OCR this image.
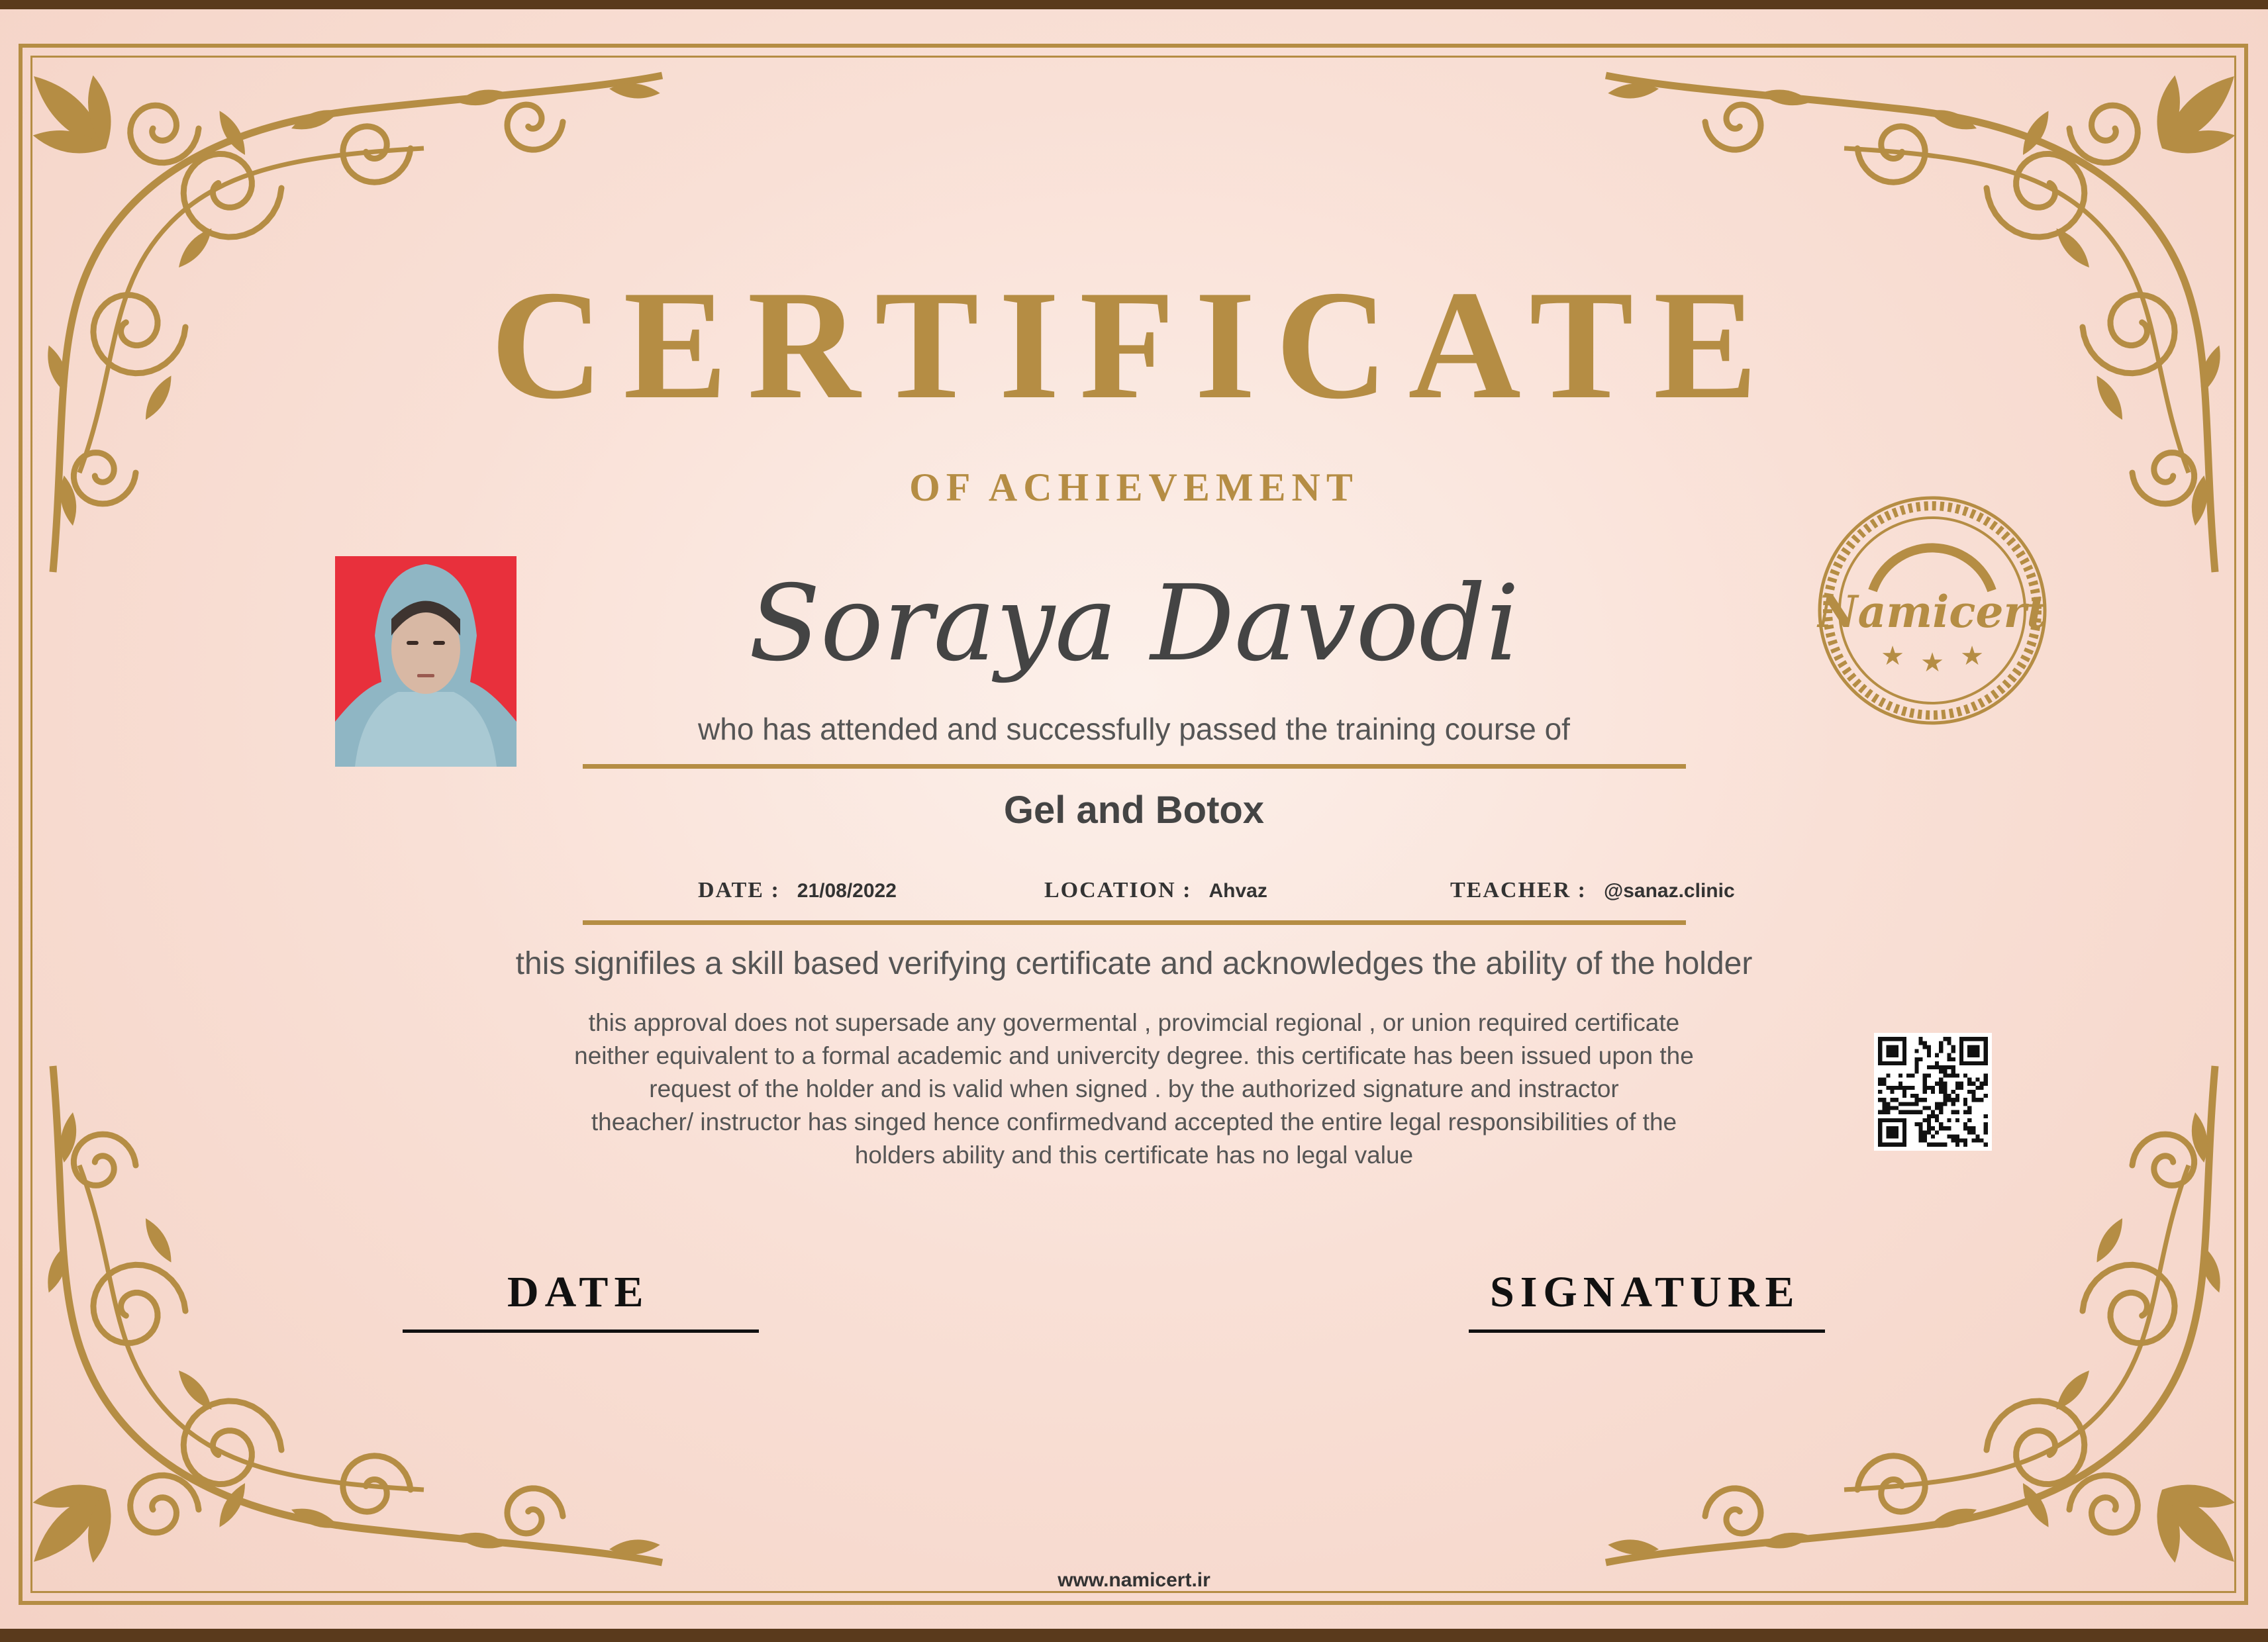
CERTIFICATE
OF ACHIEVEMENT
Namicert
★ ★ ★
Soraya Davodi
who has attended and successfully passed the training course of
Gel and Botox
DATE : 21/08/2022	LOCATION : Ahvaz	TEACHER : @sanaz.clinic
this signifiles a skill based verifying certificate and acknowledges the ability of the holder
this approval does not supersade any govermental , provimcial regional , or union required certificate
neither equivalent to a formal academic and univercity degree. this certificate has been issued upon the
request of the holder and is valid when signed . by the authorized signature and instractor
theacher/ instructor has singed hence confirmedvand accepted the entire legal responsibilities of the
holders ability and this certificate has no legal value
DATE	SIGNATURE
www.namicert.ir
